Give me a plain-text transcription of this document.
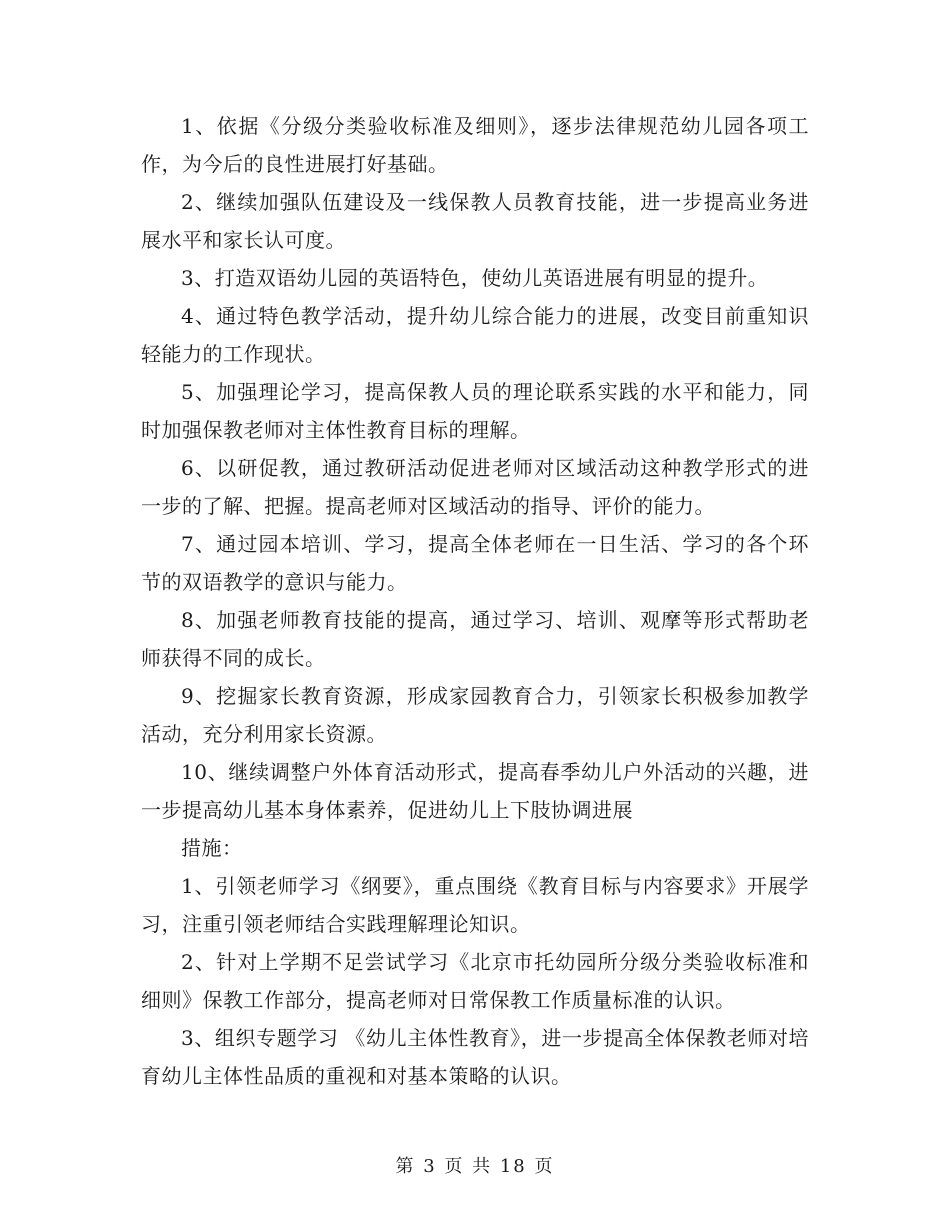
1、依据《分级分类验收标准及细则》，逐步法律规范幼儿园各项工作，为今后的良性进展打好基础。

2、继续加强队伍建设及一线保教人员教育技能，进一步提高业务进展水平和家长认可度。

3、打造双语幼儿园的英语特色，使幼儿英语进展有明显的提升。

4、通过特色教学活动，提升幼儿综合能力的进展，改变目前重知识轻能力的工作现状。

5、加强理论学习，提高保教人员的理论联系实践的水平和能力，同时加强保教老师对主体性教育目标的理解。

6、以研促教，通过教研活动促进老师对区域活动这种教学形式的进一步的了解、把握。提高老师对区域活动的指导、评价的能力。

7、通过园本培训、学习，提高全体老师在一日生活、学习的各个环节的双语教学的意识与能力。

8、加强老师教育技能的提高，通过学习、培训、观摩等形式帮助老师获得不同的成长。

9、挖掘家长教育资源，形成家园教育合力，引领家长积极参加教学活动，充分利用家长资源。

10、继续调整户外体育活动形式，提高春季幼儿户外活动的兴趣，进一步提高幼儿基本身体素养，促进幼儿上下肢协调进展

措施：

1、引领老师学习《纲要》，重点围绕《教育目标与内容要求》开展学习，注重引领老师结合实践理解理论知识。

2、针对上学期不足尝试学习《北京市托幼园所分级分类验收标准和细则》保教工作部分，提高老师对日常保教工作质量标准的认识。

3、组织专题学习 《幼儿主体性教育》，进一步提高全体保教老师对培育幼儿主体性品质的重视和对基本策略的认识。

第 3 页 共 18 页
